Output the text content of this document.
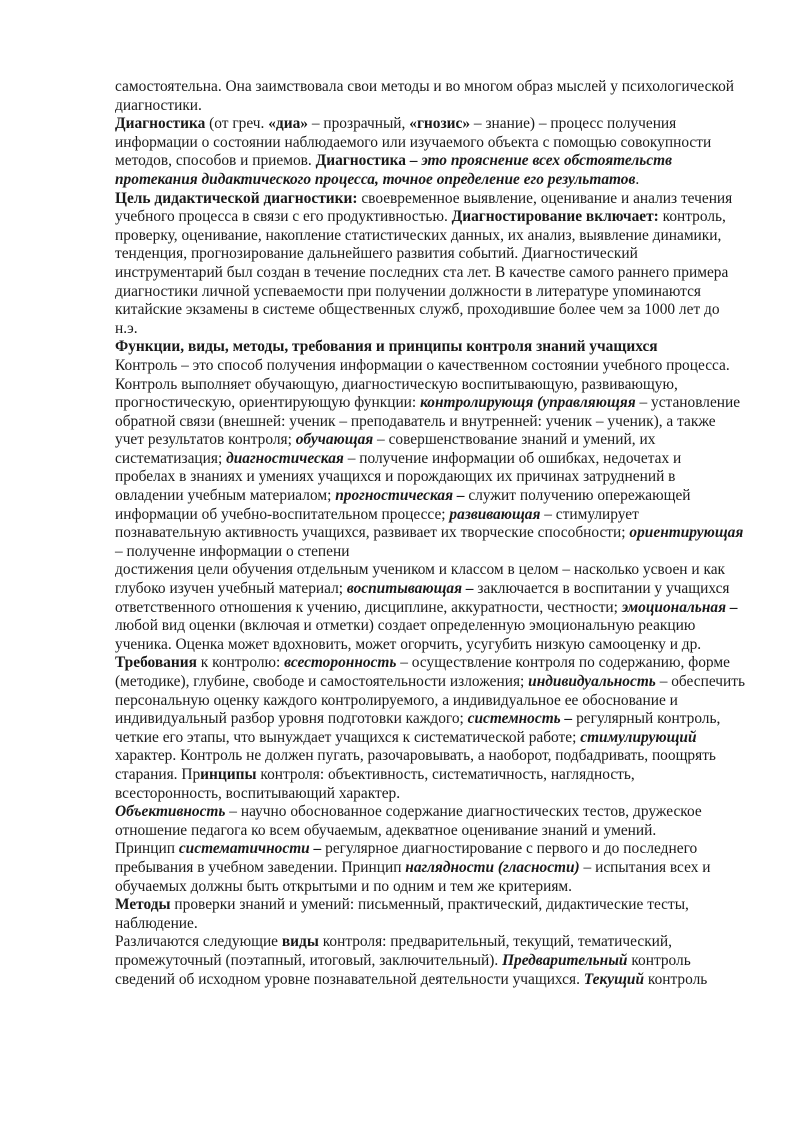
самостоятельна. Она заимствовала свои методы и во многом образ мыслей у психологической диагностики.
Диагностика (от греч. «диа» – прозрачный, «гнозис» – знание) – процесс получения информации о состоянии наблюдаемого или изучаемого объекта с помощью совокупности методов, способов и приемов. Диагностика – это прояснение всех обстоятельств протекания дидактического процесса, точное определение его результатов.
Цель дидактической диагностики: своевременное выявление, оценивание и анализ течения учебного процесса в связи с его продуктивностью. Диагностирование включает: контроль, проверку, оценивание, накопление статистических данных, их анализ, выявление динамики, тенденция, прогнозирование дальнейшего развития событий. Диагностический инструментарий был создан в течение последних ста лет. В качестве самого раннего примера диагностики личной успеваемости при получении должности в литературе упоминаются китайские экзамены в системе общественных служб, проходившие более чем за 1000 лет до н.э.
Функции, виды, методы, требования и принципы контроля знаний учащихся
Контроль – это способ получения информации о качественном состоянии учебного процесса. Контроль выполняет обучающую, диагностическую воспитывающую, развивающую, прогностическую, ориентирующую функции: контролирующя (управляющяя – установление обратной связи (внешней: ученик – преподаватель и внутренней: ученик – ученик), а также учет результатов контроля; обучающая – совершенствование знаний и умений, их систематизация; диагностическая – получение информации об ошибках, недочетах и пробелах в знаниях и умениях учащихся и порождающих их причинах затруднений в овладении учебным материалом; прогностическая – служит получению опережающей информации об учебно-воспитательном процессе; развивающая – стимулирует познавательную активность учащихся, развивает их творческие способности; ориентирующая – полученне информации о степени
достижения цели обучения отдельным учеником и классом в целом – насколько усвоен и как глубоко изучен учебный материал; воспитывающая – заключается в воспитании у учащихся ответственного отношения к учению, дисциплине, аккуратности, честности; эмоциональная – любой вид оценки (включая и отметки) создает определенную эмоциональную реакцию ученика. Оценка может вдохновить, может огорчить, усугубить низкую самооценку и др. Требования к контролю: всесторонность – осуществление контроля по содержанию, форме (методике), глубине, свободе и самостоятельности изложения; индивидуальность – обеспечить персональную оценку каждого контролируемого, а индивидуальное ее обоснование и индивидуальный разбор уровня подготовки каждого; системность – регулярный контроль, четкие его этапы, что вынуждает учащихся к систематической работе; стимулирующий характер. Контроль не должен пугать, разочаровывать, а наоборот, подбадривать, поощрять старания. Принципы контроля: объективность, систематичность, наглядность, всесторонность, воспитывающий характер.
Объективность – научно обоснованное содержание диагностических тестов, дружеское отношение педагога ко всем обучаемым, адекватное оценивание знаний и умений.
Принцип систематичности – регулярное диагностирование с первого и до последнего пребывания в учебном заведении. Принцип наглядности (гласности) – испытания всех и обучаемых должны быть открытыми и по одним и тем же критериям.
Методы проверки знаний и умений: письменный, практический, дидактические тесты, наблюдение.
Различаются следующие виды контроля: предварительный, текущий, тематический, промежуточный (поэтапный, итоговый, заключительный). Предварительный контроль сведений об исходном уровне познавательной деятельности учащихся. Текущий контроль
